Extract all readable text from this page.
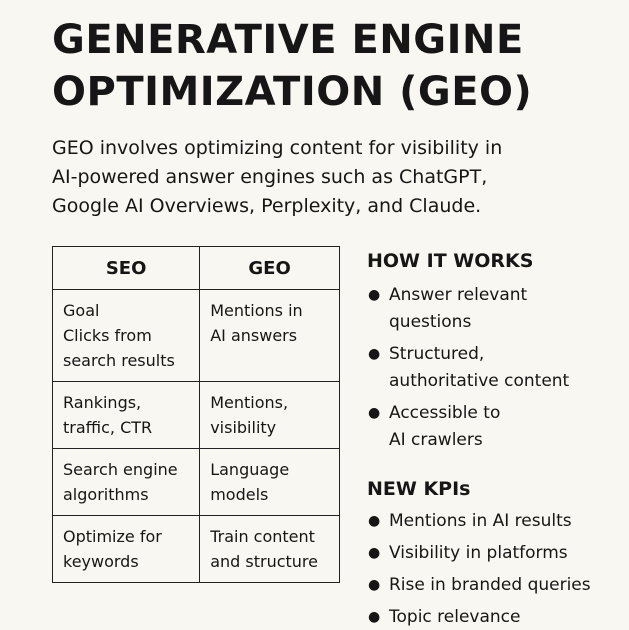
GENERATIVE ENGINE
OPTIMIZATION (GEO)

GEO involves optimizing content for visibility in
AI-powered answer engines such as ChatGPT,
Google AI Overviews, Perplexity, and Claude.

SEO	GEO

Goal
Clicks from
search results	Mentions in
AI answers

Rankings,
traffic, CTR	Mentions,
visibility

Search engine
algorithms	Language
models

Optimize for
keywords	Train content
and structure
HOW IT WORKS
● Answer relevant
questions
● Structured,
authoritative content
● Accessible to
AI crawlers
NEW KPIs
● Mentions in AI results
● Visibility in platforms
● Rise in branded queries
● Topic relevance
